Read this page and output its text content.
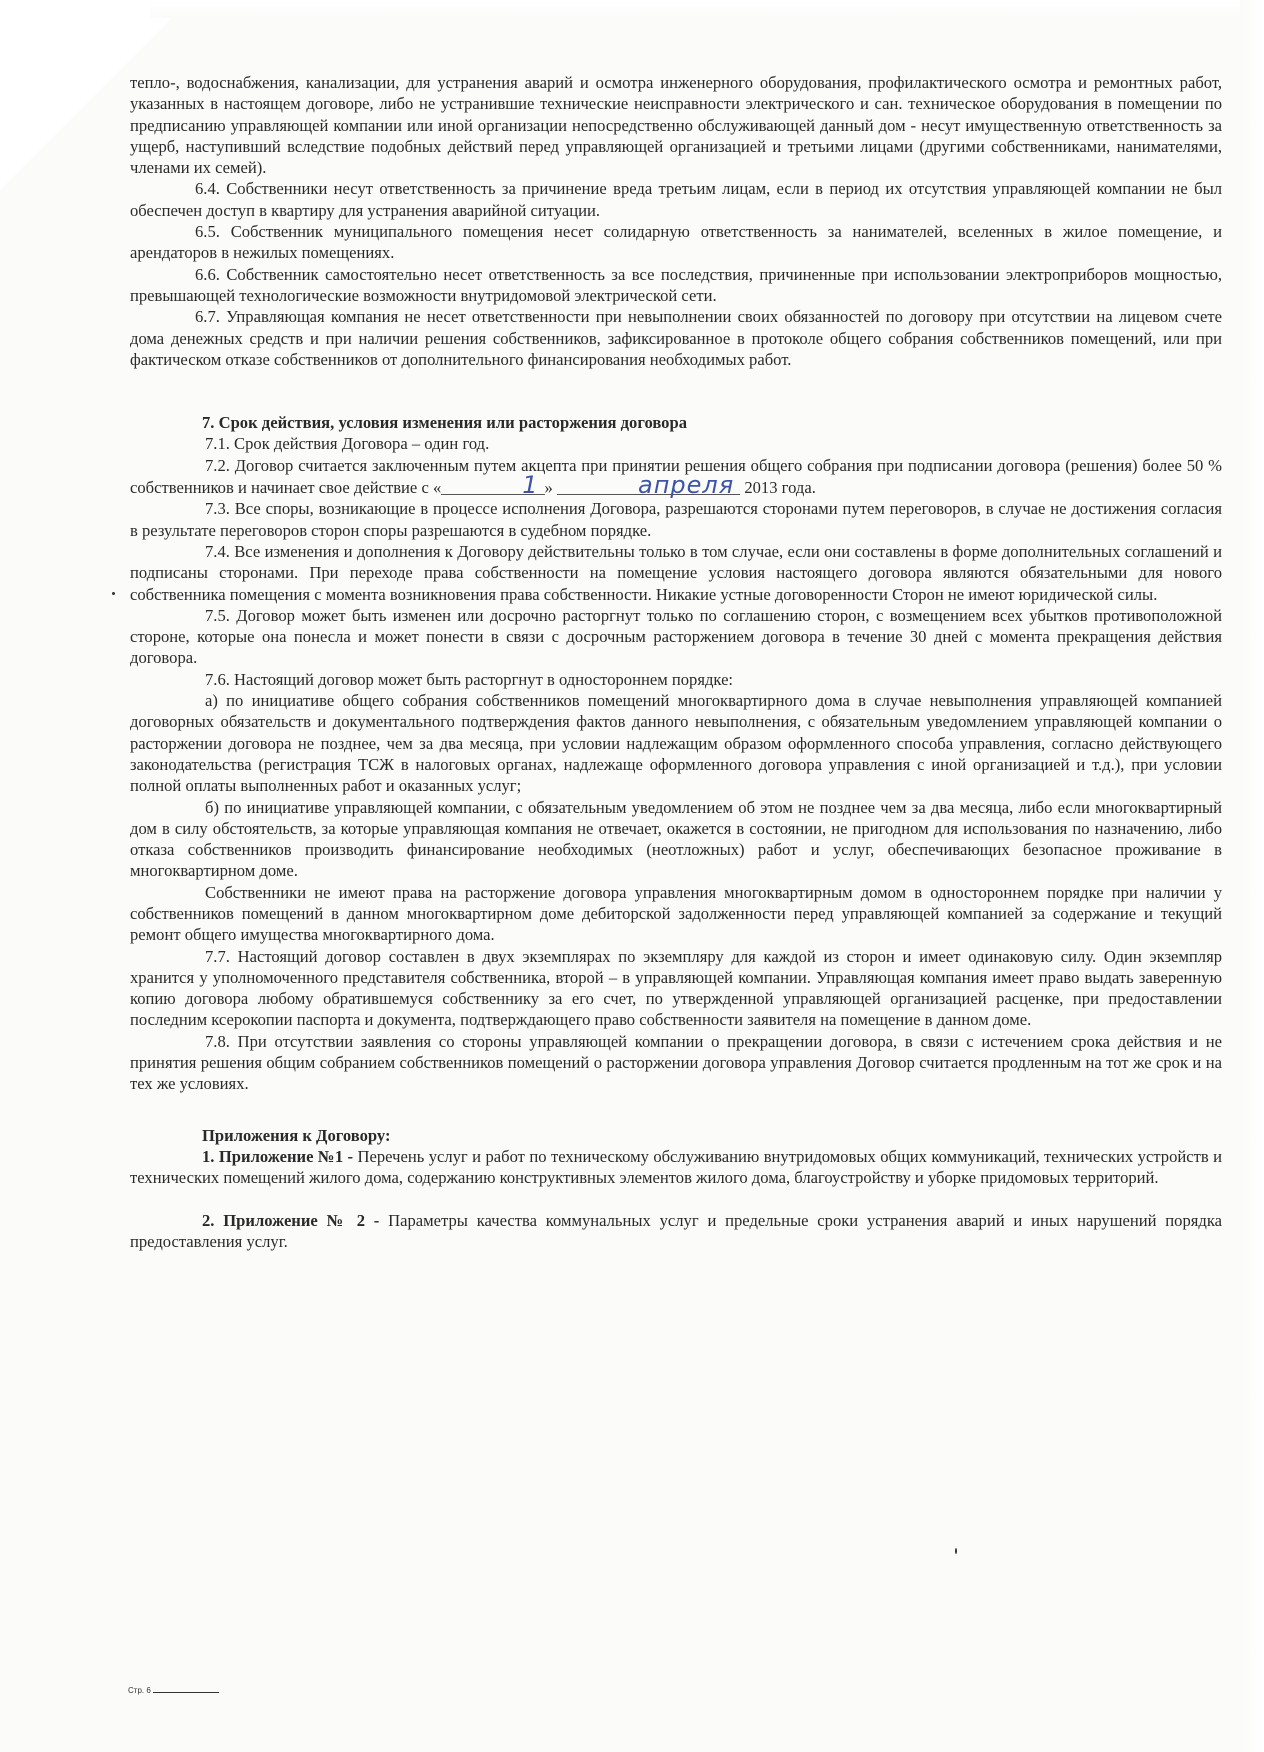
тепло-, водоснабжения, канализации, для устранения аварий и осмотра инженерного оборудования, профилактического осмотра и ремонтных работ, указанных в настоящем договоре, либо не устранившие технические неисправности электрического и сан. техническое оборудования в помещении по предписанию управляющей компании или иной организации непосредственно обслуживающей данный дом - несут имущественную ответственность за ущерб, наступивший вследствие подобных действий перед управляющей организацией и третьими лицами (другими собственниками, нанимателями, членами их семей).

6.4. Собственники несут ответственность за причинение вреда третьим лицам, если в период их отсутствия управляющей компании не был обеспечен доступ в квартиру для устранения аварийной ситуации.

6.5. Собственник муниципального помещения несет солидарную ответственность за нанимателей, вселенных в жилое помещение, и арендаторов в нежилых помещениях.

6.6. Собственник самостоятельно несет ответственность за все последствия, причиненные при использовании электроприборов мощностью, превышающей технологические возможности внутридомовой электрической сети.

6.7. Управляющая компания не несет ответственности при невыполнении своих обязанностей по договору при отсутствии на лицевом счете дома денежных средств и при наличии решения собственников, зафиксированное в протоколе общего собрания собственников помещений, или при фактическом отказе собственников от дополнительного финансирования необходимых работ.

7. Срок действия, условия изменения или расторжения договора

7.1. Срок действия Договора – один год.

7.2. Договор считается заключенным путем акцепта при принятии решения общего собрания при подписании договора (решения) более 50 % собственников и начинает свое действие с «	1 »	апреля 2013 года.

7.3. Все споры, возникающие в процессе исполнения Договора, разрешаются сторонами путем переговоров, в случае не достижения согласия в результате переговоров сторон споры разрешаются в судебном порядке.

7.4. Все изменения и дополнения к Договору действительны только в том случае, если они составлены в форме дополнительных соглашений и подписаны сторонами. При переходе права собственности на помещение условия настоящего договора являются обязательными для нового собственника помещения с момента возникновения права собственности. Никакие устные договоренности Сторон не имеют юридической силы.

7.5. Договор может быть изменен или досрочно расторгнут только по соглашению сторон, с возмещением всех убытков противоположной стороне, которые она понесла и может понести в связи с досрочным расторжением договора в течение 30 дней с момента прекращения действия договора.

7.6. Настоящий договор может быть расторгнут в одностороннем порядке:

а) по инициативе общего собрания собственников помещений многоквартирного дома в случае невыполнения управляющей компанией договорных обязательств и документального подтверждения фактов данного невыполнения, с обязательным уведомлением управляющей компании о расторжении договора не позднее, чем за два месяца, при условии надлежащим образом оформленного способа управления, согласно действующего законодательства (регистрация ТСЖ в налоговых органах, надлежаще оформленного договора управления с иной организацией и т.д.), при условии полной оплаты выполненных работ и оказанных услуг;

б) по инициативе управляющей компании, с обязательным уведомлением об этом не позднее чем за два месяца, либо если многоквартирный дом в силу обстоятельств, за которые управляющая компания не отвечает, окажется в состоянии, не пригодном для использования по назначению, либо отказа собственников производить финансирование необходимых (неотложных) работ и услуг, обеспечивающих безопасное проживание в многоквартирном доме.

Собственники не имеют права на расторжение договора управления многоквартирным домом в одностороннем порядке при наличии у собственников помещений в данном многоквартирном доме дебиторской задолженности перед управляющей компанией за содержание и текущий ремонт общего имущества многоквартирного дома.

7.7. Настоящий договор составлен в двух экземплярах по экземпляру для каждой из сторон и имеет одинаковую силу. Один экземпляр хранится у уполномоченного представителя собственника, второй – в управляющей компании. Управляющая компания имеет право выдать заверенную копию договора любому обратившемуся собственнику за его счет, по утвержденной управляющей организацией расценке, при предоставлении последним ксерокопии паспорта и документа, подтверждающего право собственности заявителя на помещение в данном доме.

7.8. При отсутствии заявления со стороны управляющей компании о прекращении договора, в связи с истечением срока действия и не принятия решения общим собранием собственников помещений о расторжении договора управления Договор считается продленным на тот же срок и на тех же условиях.

Приложения к Договору:

1. Приложение №1 - Перечень услуг и работ по техническому обслуживанию внутридомовых общих коммуникаций, технических устройств и технических помещений жилого дома, содержанию конструктивных элементов жилого дома, благоустройству и уборке придомовых территорий.

2. Приложение № 2 - Параметры качества коммунальных услуг и предельные сроки устранения аварий и иных нарушений порядка предоставления услуг.

Стр. 6
